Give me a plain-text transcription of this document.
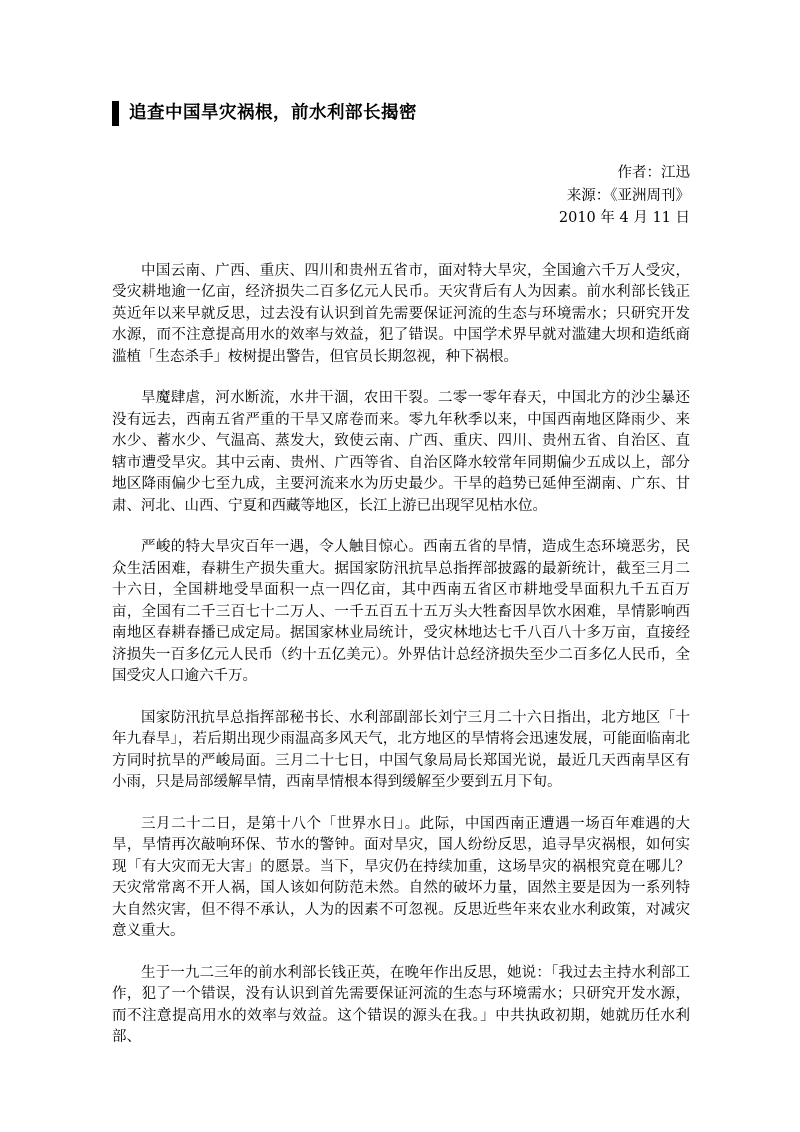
追查中国旱灾祸根，前水利部长揭密
作者：江迅
来源：《亚洲周刊》
2010 年 4 月 11 日

中国云南、广西、重庆、四川和贵州五省市，面对特大旱灾，全国逾六千万人受灾，受灾耕地逾一亿亩，经济损失二百多亿元人民币。天灾背后有人为因素。前水利部长钱正英近年以来早就反思，过去没有认识到首先需要保证河流的生态与环境需水；只研究开发水源，而不注意提高用水的效率与效益，犯了错误。中国学术界早就对滥建大坝和造纸商滥植「生态杀手」桉树提出警告，但官员长期忽视，种下祸根。

旱魔肆虐，河水断流，水井干涸，农田干裂。二零一零年春天，中国北方的沙尘暴还没有远去，西南五省严重的干旱又席卷而来。零九年秋季以来，中国西南地区降雨少、来水少、蓄水少、气温高、蒸发大，致使云南、广西、重庆、四川、贵州五省、自治区、直辖市遭受旱灾。其中云南、贵州、广西等省、自治区降水较常年同期偏少五成以上，部分地区降雨偏少七至九成，主要河流来水为历史最少。干旱的趋势已延伸至湖南、广东、甘肃、河北、山西、宁夏和西藏等地区，长江上游已出现罕见枯水位。

严峻的特大旱灾百年一遇，令人触目惊心。西南五省的旱情，造成生态环境恶劣，民众生活困难，春耕生产损失重大。据国家防汛抗旱总指挥部披露的最新统计，截至三月二十六日，全国耕地受旱面积一点一四亿亩，其中西南五省区市耕地受旱面积九千五百万亩，全国有二千三百七十二万人、一千五百五十五万头大牲畜因旱饮水困难，旱情影响西南地区春耕春播已成定局。据国家林业局统计，受灾林地达七千八百八十多万亩，直接经济损失一百多亿元人民币（约十五亿美元）。外界估计总经济损失至少二百多亿人民币，全国受灾人口逾六千万。

国家防汛抗旱总指挥部秘书长、水利部副部长刘宁三月二十六日指出，北方地区「十年九春旱」，若后期出现少雨温高多风天气，北方地区的旱情将会迅速发展，可能面临南北方同时抗旱的严峻局面。三月二十七日，中国气象局局长郑国光说，最近几天西南旱区有小雨，只是局部缓解旱情，西南旱情根本得到缓解至少要到五月下旬。

三月二十二日，是第十八个「世界水日」。此际，中国西南正遭遇一场百年难遇的大旱，旱情再次敲响环保、节水的警钟。面对旱灾，国人纷纷反思，追寻旱灾祸根，如何实现「有大灾而无大害」的愿景。当下，旱灾仍在持续加重，这场旱灾的祸根究竟在哪儿？天灾常常离不开人祸，国人该如何防范未然。自然的破坏力量，固然主要是因为一系列特大自然灾害，但不得不承认，人为的因素不可忽视。反思近些年来农业水利政策，对减灾意义重大。

生于一九二三年的前水利部长钱正英，在晚年作出反思，她说：「我过去主持水利部工作，犯了一个错误，没有认识到首先需要保证河流的生态与环境需水；只研究开发水源，而不注意提高用水的效率与效益。这个错误的源头在我。」中共执政初期，她就历任水利部、
